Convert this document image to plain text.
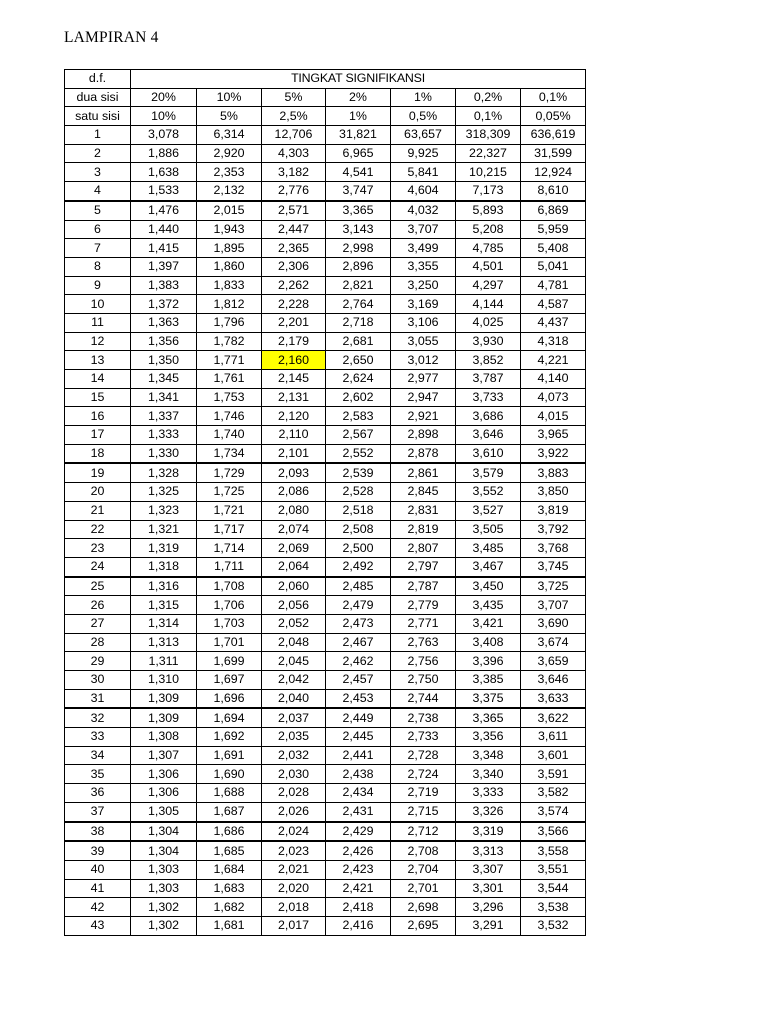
LAMPIRAN 4
d.f.	TINGKAT SIGNIFIKANSI						
dua sisi	20%	10%	5%	2%	1%	0,2%	0,1%
satu sisi	10%	5%	2,5%	1%	0,5%	0,1%	0,05%
1	3,078	6,314	12,706	31,821	63,657	318,309	636,619
2	1,886	2,920	4,303	6,965	9,925	22,327	31,599
3	1,638	2,353	3,182	4,541	5,841	10,215	12,924
4	1,533	2,132	2,776	3,747	4,604	7,173	8,610
5	1,476	2,015	2,571	3,365	4,032	5,893	6,869
6	1,440	1,943	2,447	3,143	3,707	5,208	5,959
7	1,415	1,895	2,365	2,998	3,499	4,785	5,408
8	1,397	1,860	2,306	2,896	3,355	4,501	5,041
9	1,383	1,833	2,262	2,821	3,250	4,297	4,781
10	1,372	1,812	2,228	2,764	3,169	4,144	4,587
11	1,363	1,796	2,201	2,718	3,106	4,025	4,437
12	1,356	1,782	2,179	2,681	3,055	3,930	4,318
13	1,350	1,771	2,160	2,650	3,012	3,852	4,221
14	1,345	1,761	2,145	2,624	2,977	3,787	4,140
15	1,341	1,753	2,131	2,602	2,947	3,733	4,073
16	1,337	1,746	2,120	2,583	2,921	3,686	4,015
17	1,333	1,740	2,110	2,567	2,898	3,646	3,965
18	1,330	1,734	2,101	2,552	2,878	3,610	3,922
19	1,328	1,729	2,093	2,539	2,861	3,579	3,883
20	1,325	1,725	2,086	2,528	2,845	3,552	3,850
21	1,323	1,721	2,080	2,518	2,831	3,527	3,819
22	1,321	1,717	2,074	2,508	2,819	3,505	3,792
23	1,319	1,714	2,069	2,500	2,807	3,485	3,768
24	1,318	1,711	2,064	2,492	2,797	3,467	3,745
25	1,316	1,708	2,060	2,485	2,787	3,450	3,725
26	1,315	1,706	2,056	2,479	2,779	3,435	3,707
27	1,314	1,703	2,052	2,473	2,771	3,421	3,690
28	1,313	1,701	2,048	2,467	2,763	3,408	3,674
29	1,311	1,699	2,045	2,462	2,756	3,396	3,659
30	1,310	1,697	2,042	2,457	2,750	3,385	3,646
31	1,309	1,696	2,040	2,453	2,744	3,375	3,633
32	1,309	1,694	2,037	2,449	2,738	3,365	3,622
33	1,308	1,692	2,035	2,445	2,733	3,356	3,611
34	1,307	1,691	2,032	2,441	2,728	3,348	3,601
35	1,306	1,690	2,030	2,438	2,724	3,340	3,591
36	1,306	1,688	2,028	2,434	2,719	3,333	3,582
37	1,305	1,687	2,026	2,431	2,715	3,326	3,574
38	1,304	1,686	2,024	2,429	2,712	3,319	3,566
39	1,304	1,685	2,023	2,426	2,708	3,313	3,558
40	1,303	1,684	2,021	2,423	2,704	3,307	3,551
41	1,303	1,683	2,020	2,421	2,701	3,301	3,544
42	1,302	1,682	2,018	2,418	2,698	3,296	3,538
43	1,302	1,681	2,017	2,416	2,695	3,291	3,532
